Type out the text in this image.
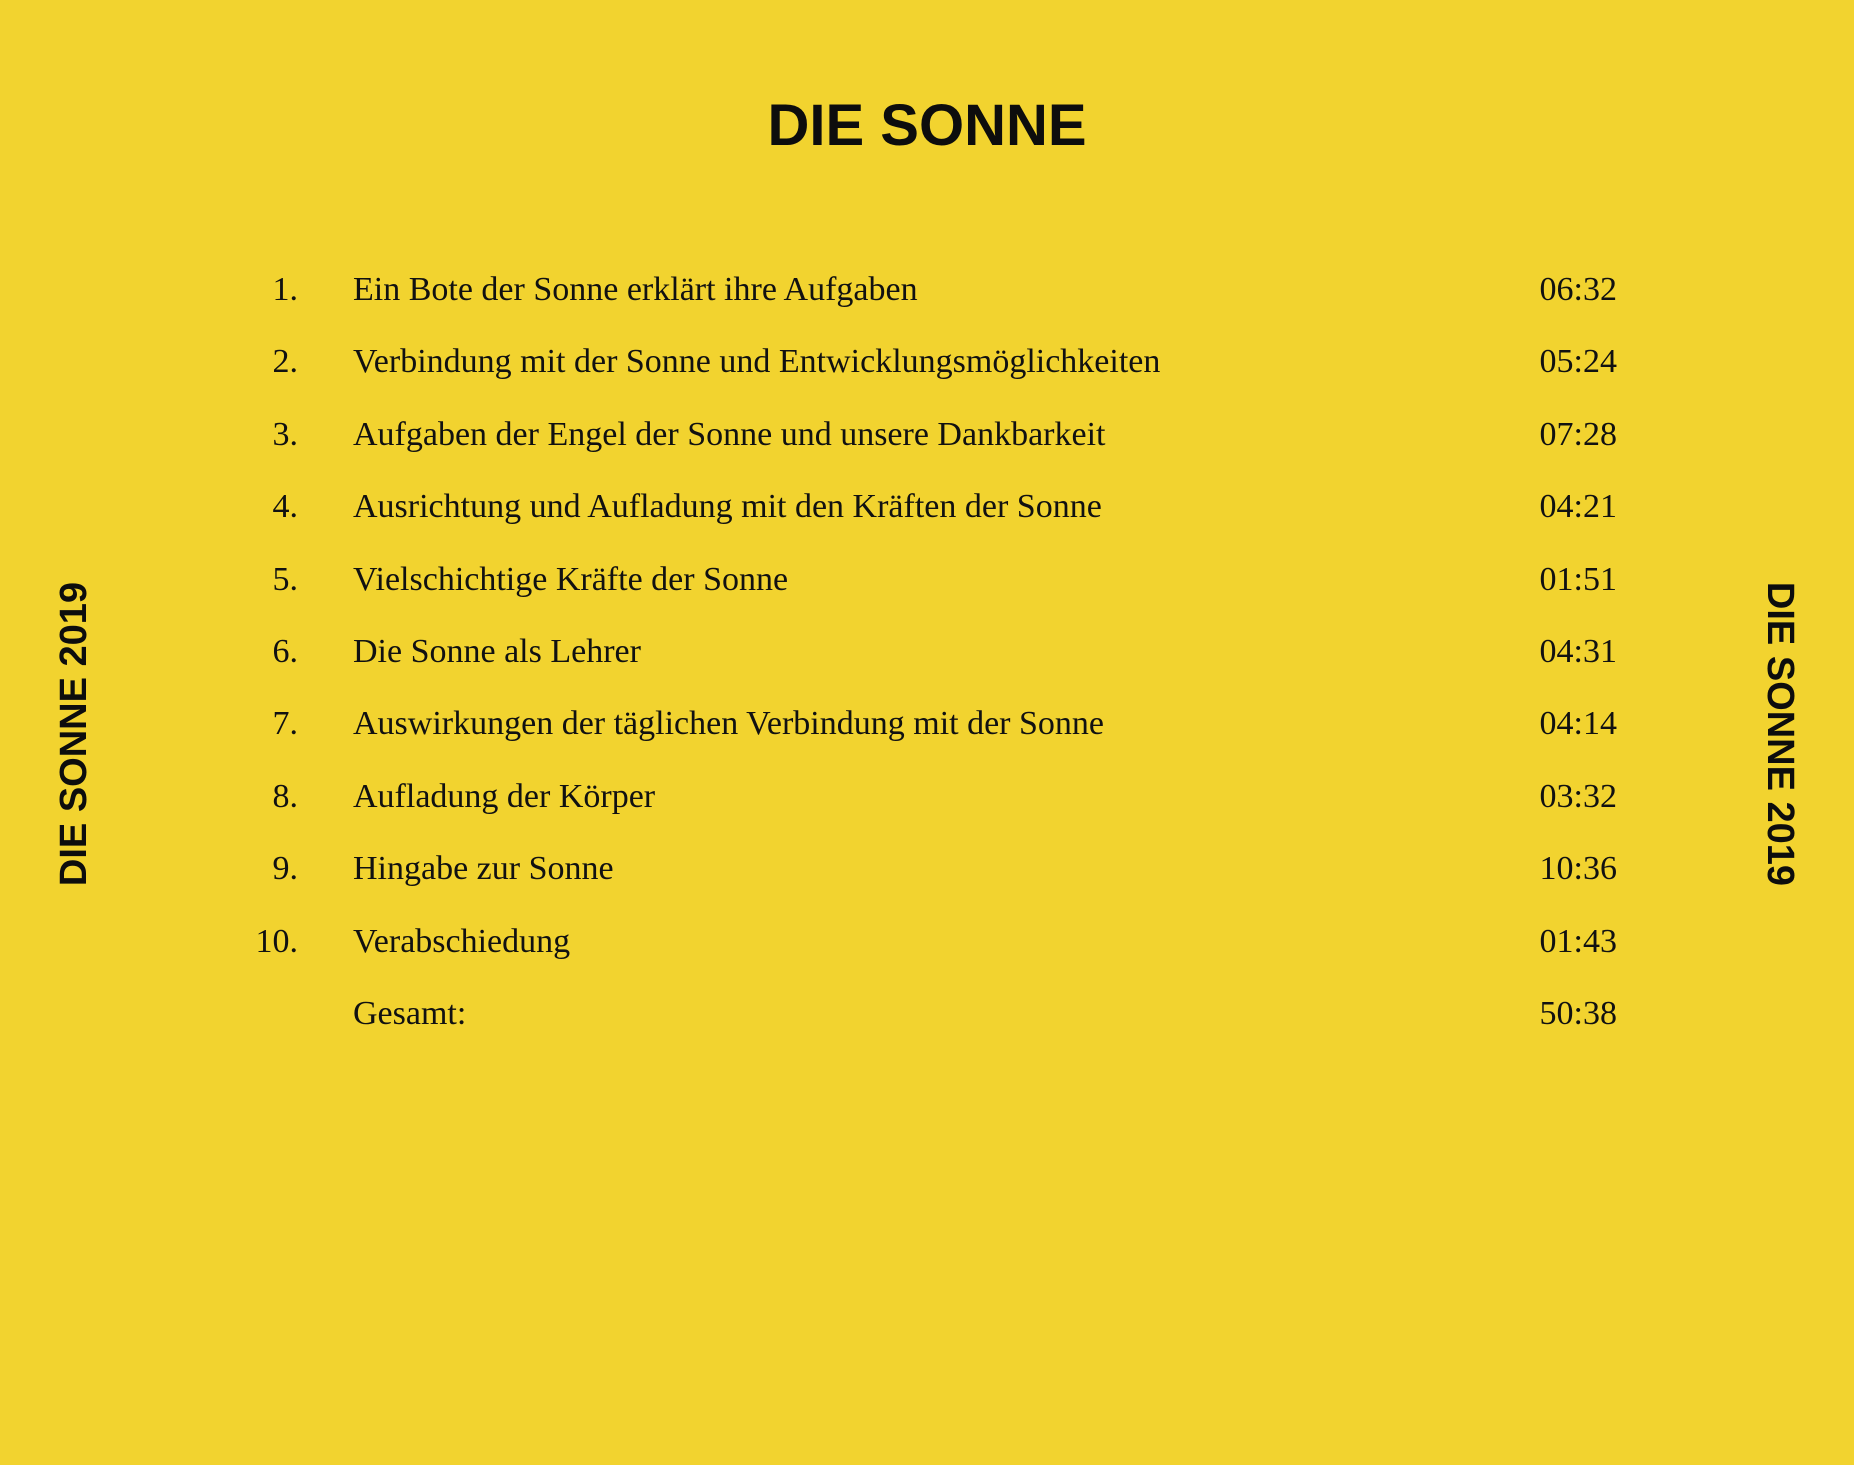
DIE SONNE
DIE SONNE 2019	DIE SONNE 2019
1. Ein Bote der Sonne erklärt ihre Aufgaben	06:32
2. Verbindung mit der Sonne und Entwicklungsmöglichkeiten	05:24
3. Aufgaben der Engel der Sonne und unsere Dankbarkeit	07:28
4. Ausrichtung und Aufladung mit den Kräften der Sonne	04:21
5. Vielschichtige Kräfte der Sonne	01:51
6. Die Sonne als Lehrer	04:31
7. Auswirkungen der täglichen Verbindung mit der Sonne	04:14
8. Aufladung der Körper	03:32
9. Hingabe zur Sonne	10:36
10. Verabschiedung	01:43
Gesamt:	50:38
